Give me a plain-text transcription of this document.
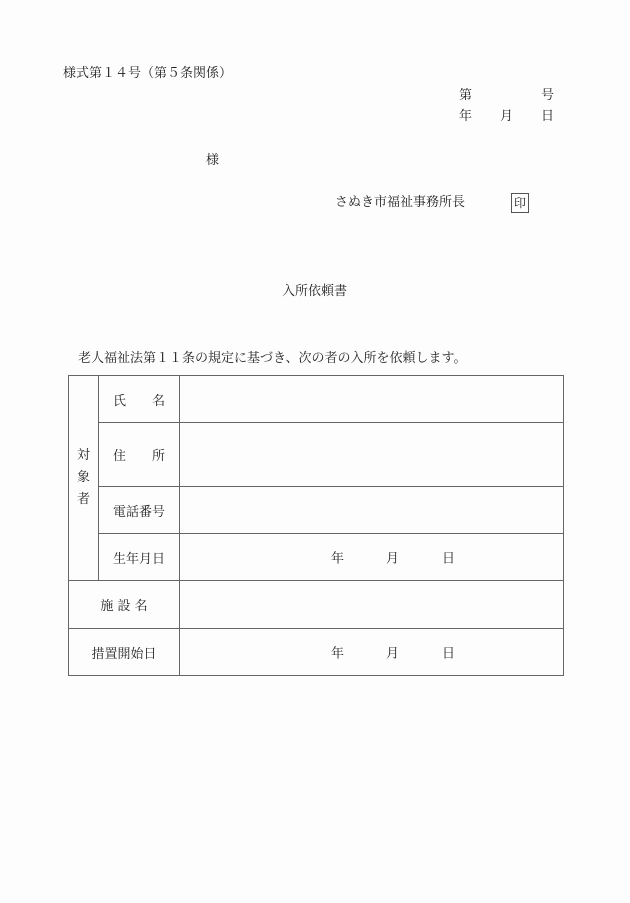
様式第１４号（第５条関係）
第	号
年 月 日
様
さぬき市福祉事務所長	印
入所依頼書
老人福祉法第１１条の規定に基づき、次の者の入所を依頼します。
対
象
者	氏　　名	
	住　　所	
	電話番号	
	生年月日	年 月 日

施 設 名		
措置開始日		年 月 日
